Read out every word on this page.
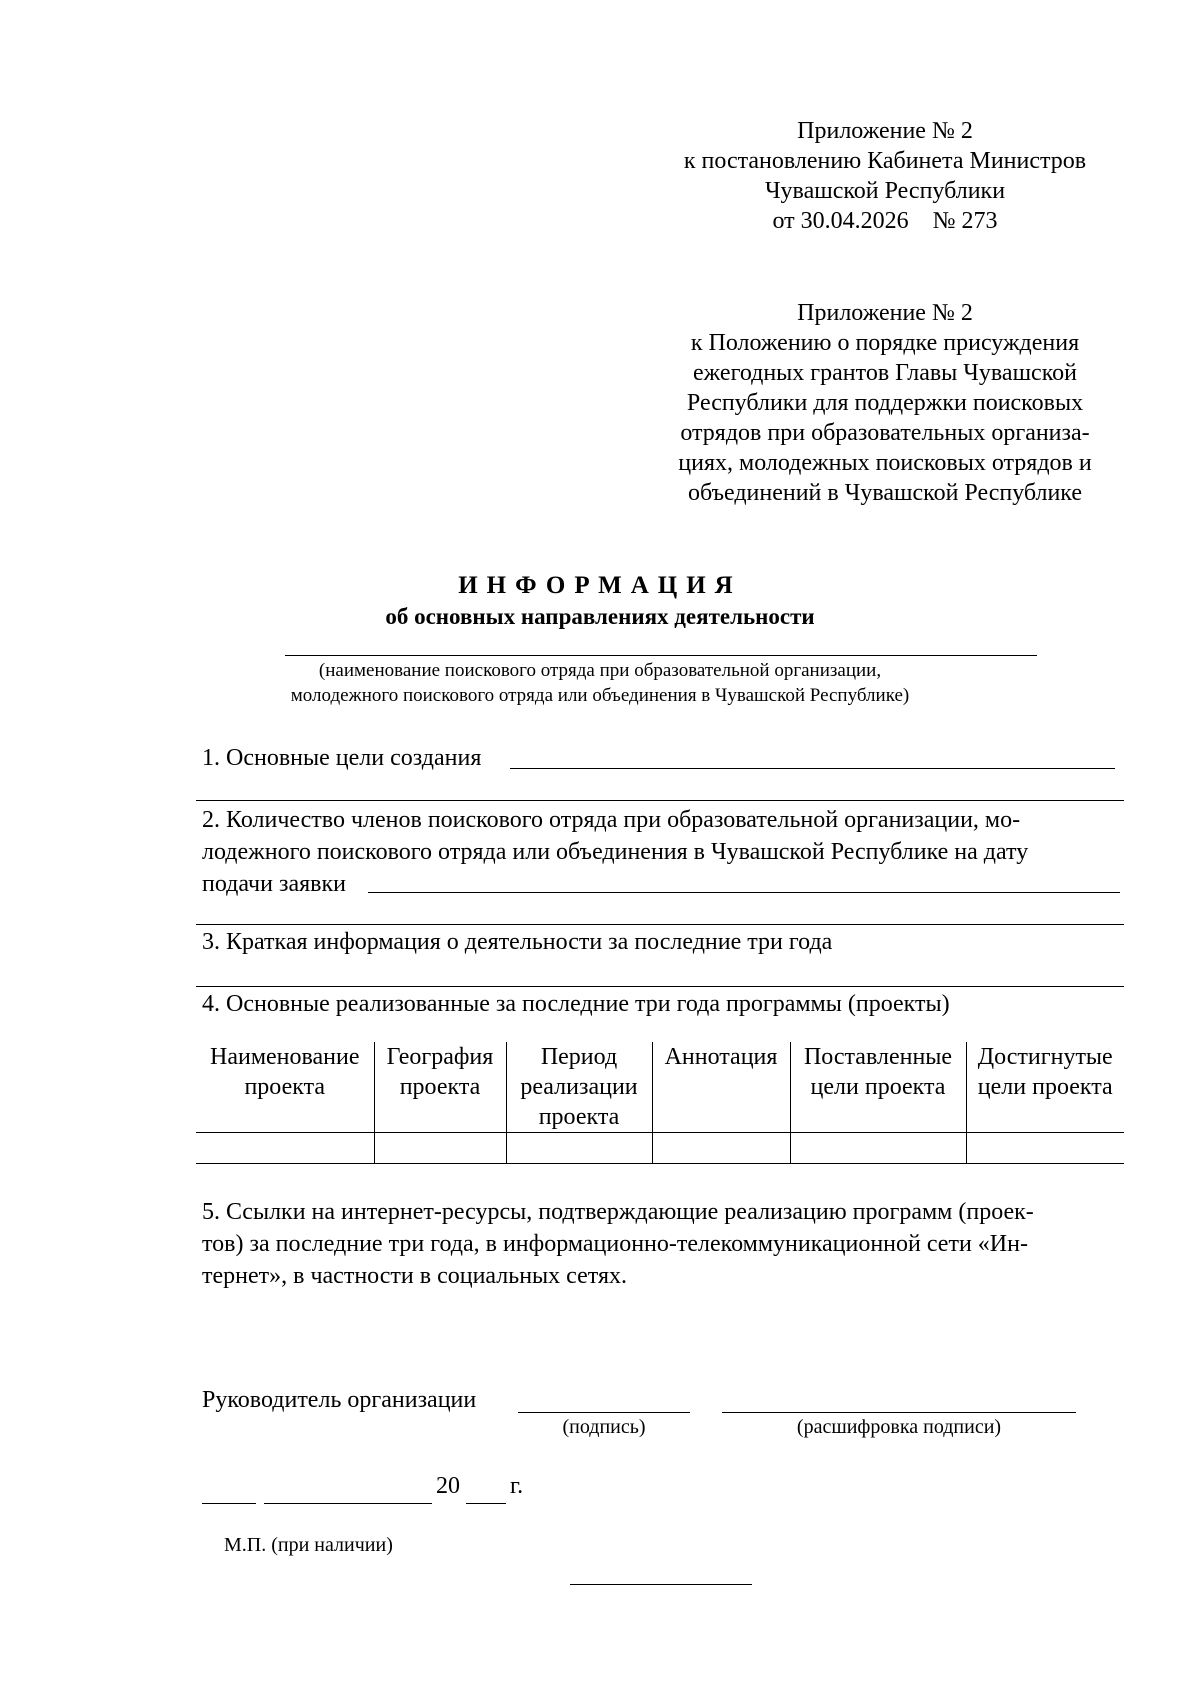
Приложение № 2
к постановлению Кабинета Министров
Чувашской Республики
от 30.04.2026    № 273
Приложение № 2
к Положению о порядке присуждения
ежегодных грантов Главы Чувашской
Республики для поддержки поисковых
отрядов при образовательных организа-
циях, молодежных поисковых отрядов и
объединений в Чувашской Республике
ИНФОРМАЦИЯ
об основных направлениях деятельности
(наименование поискового отряда при образовательной организации,
молодежного поискового отряда или объединения в Чувашской Республике)
1. Основные цели создания
2. Количество членов поискового отряда при образовательной организации, мо-
лодежного поискового отряда или объединения в Чувашской Республике на дату
подачи заявки
3. Краткая информация о деятельности за последние три года
4. Основные реализованные за последние три года программы (проекты)
Наименование проекта	География проекта	Период реализации проекта	Аннотация	Поставленные цели проекта	Достигнутые цели проекта

5. Ссылки на интернет-ресурсы, подтверждающие реализацию программ (проек-
тов) за последние три года, в информационно-телекоммуникационной сети «Ин-
тернет», в частности в социальных сетях.
Руководитель организации
(подпись)	(расшифровка подписи)
20 г.
М.П. (при наличии)
